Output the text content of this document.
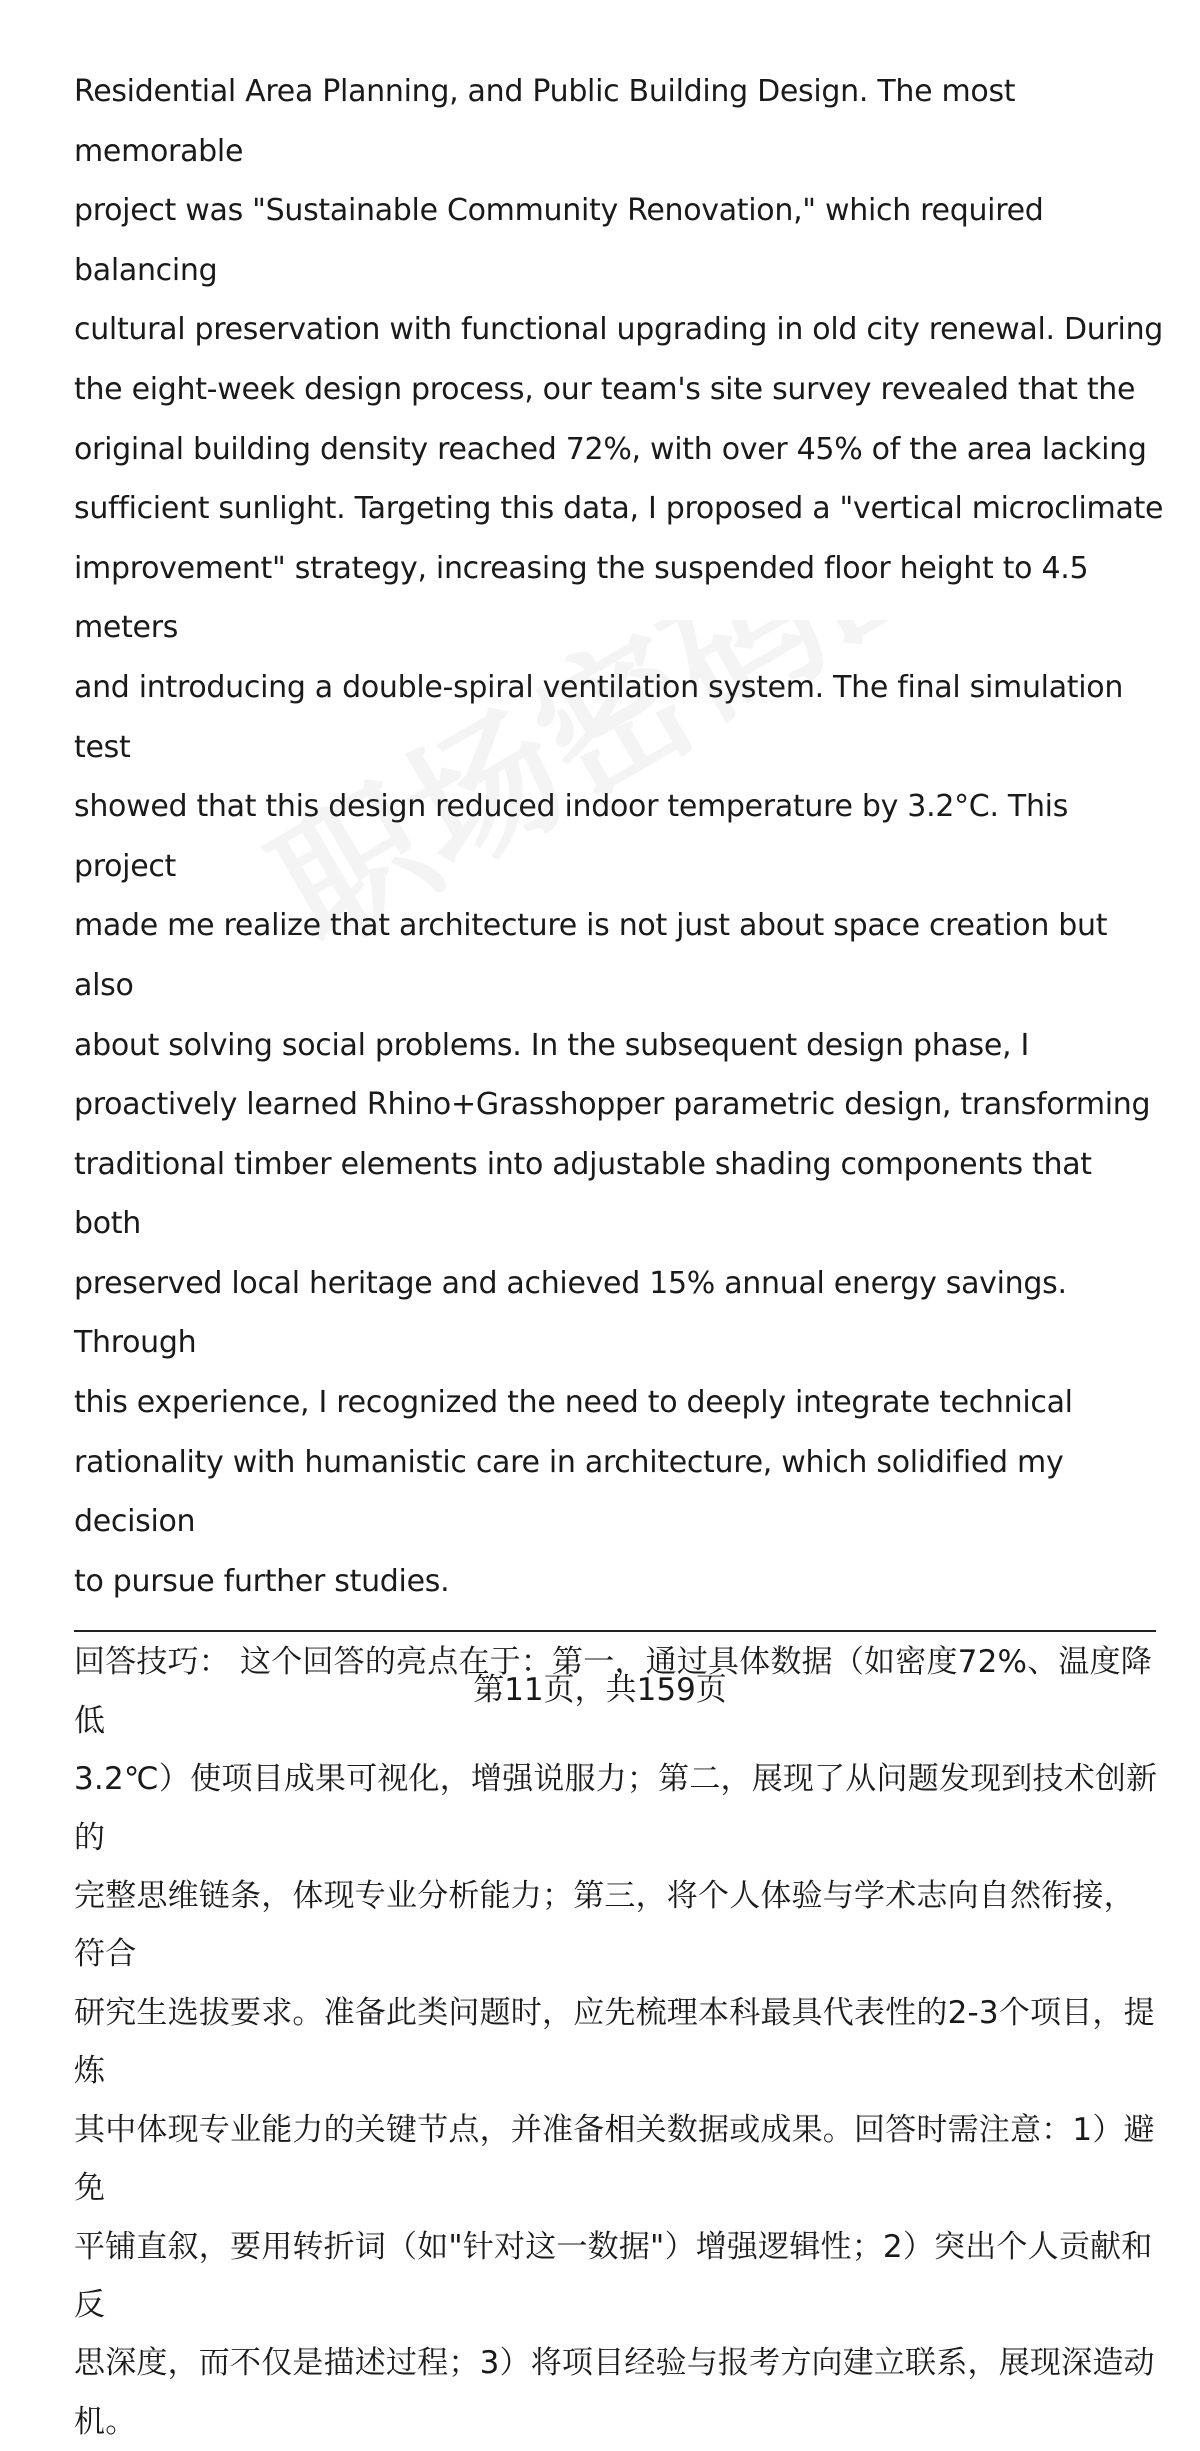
Residential Area Planning, and Public Building Design. The most memorable
project was "Sustainable Community Renovation," which required balancing
cultural preservation with functional upgrading in old city renewal. During
the eight-week design process, our team's site survey revealed that the
original building density reached 72%, with over 45% of the area lacking
sufficient sunlight. Targeting this data, I proposed a "vertical microclimate
improvement" strategy, increasing the suspended floor height to 4.5 meters
and introducing a double-spiral ventilation system. The final simulation test
showed that this design reduced indoor temperature by 3.2°C. This project
made me realize that architecture is not just about space creation but also
about solving social problems. In the subsequent design phase, I
proactively learned Rhino+Grasshopper parametric design, transforming
traditional timber elements into adjustable shading components that both
preserved local heritage and achieved 15% annual energy savings. Through
this experience, I recognized the need to deeply integrate technical
rationality with humanistic care in architecture, which solidified my decision
to pursue further studies.

回答技巧： 这个回答的亮点在于：第一，通过具体数据（如密度72%、温度降低
3.2℃）使项目成果可视化，增强说服力；第二，展现了从问题发现到技术创新的
完整思维链条，体现专业分析能力；第三，将个人体验与学术志向自然衔接，符合
研究生选拔要求。准备此类问题时，应先梳理本科最具代表性的2-3个项目，提炼
其中体现专业能力的关键节点，并准备相关数据或成果。回答时需注意：1）避免
平铺直叙，要用转折词（如"针对这一数据"）增强逻辑性；2）突出个人贡献和反
思深度，而不仅是描述过程；3）将项目经验与报考方向建立联系，展现深造动
机。

第11页，共159页
